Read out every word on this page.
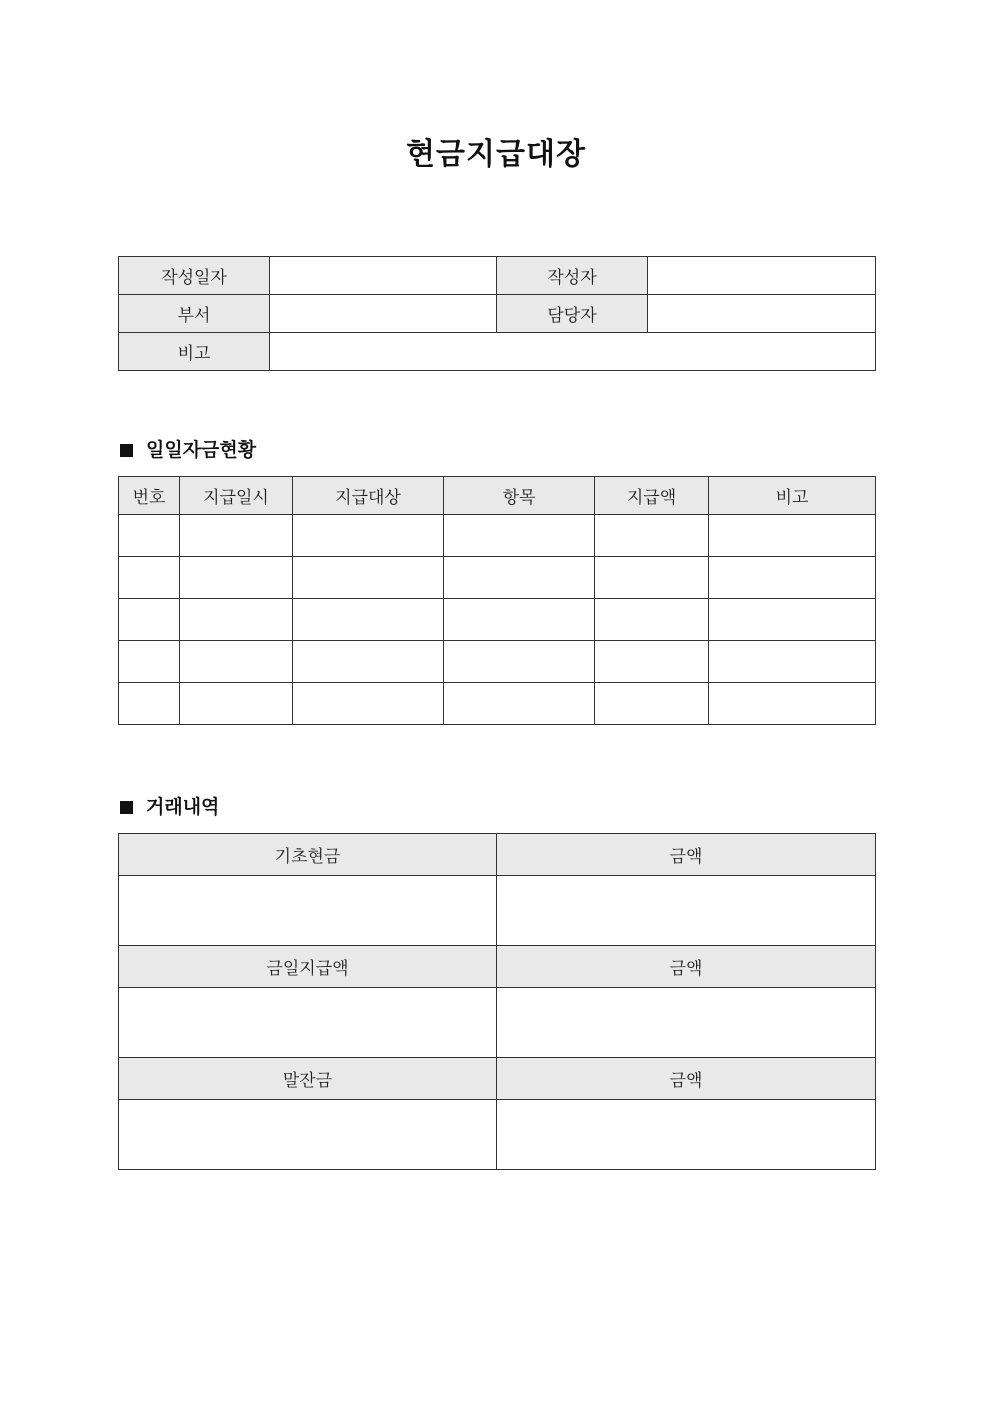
현금지급대장
작성일자		작성자	
부서		담당자	
비고			
일일자금현황
번호	지급일시	지급대상	항목	지급액	비고

거래내역
기초현금	금액

금일지급액	금액

말잔금	금액
